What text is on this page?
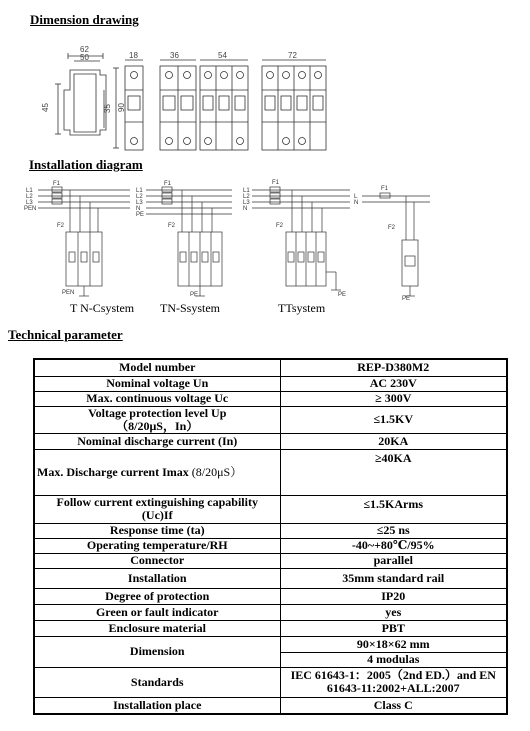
Dimension drawing
Installation diagram
Technical parameter
62
50
45	35 90
18	36	54	72
L1
L2
L3
PEN
F1
F2
PEN
L1
L2
L3
N
PE
F1
F2
PE
L1
L2
L3
N
F1
F2
PE
L
N
F1
F2
PE
T N-Csystem TN-Ssystem	TTsystem
Model number	REP-D380M2
Nominal voltage Un	AC 230V
Max. continuous voltage Uc	≥ 300V
Voltage protection level Up
（8/20μS，In）	≤1.5KV
Nominal discharge current (In)	20KA
Max. Discharge current Imax (8/20μS）	≥40KA
Follow current extinguishing capability
(Uc)If	≤1.5KArms
Response time (ta)	≤25 ns
Operating temperature/RH	-40~+80℃/95%
Connector	parallel
Installation	35mm standard rail
Degree of protection	IP20
Green or fault indicator	yes
Enclosure material	PBT
Dimension	90×18×62 mm
	4 modulas
Standards	IEC 61643-1：2005（2nd ED.）and EN 61643-11:2002+ALL:2007
Installation place	Class C
